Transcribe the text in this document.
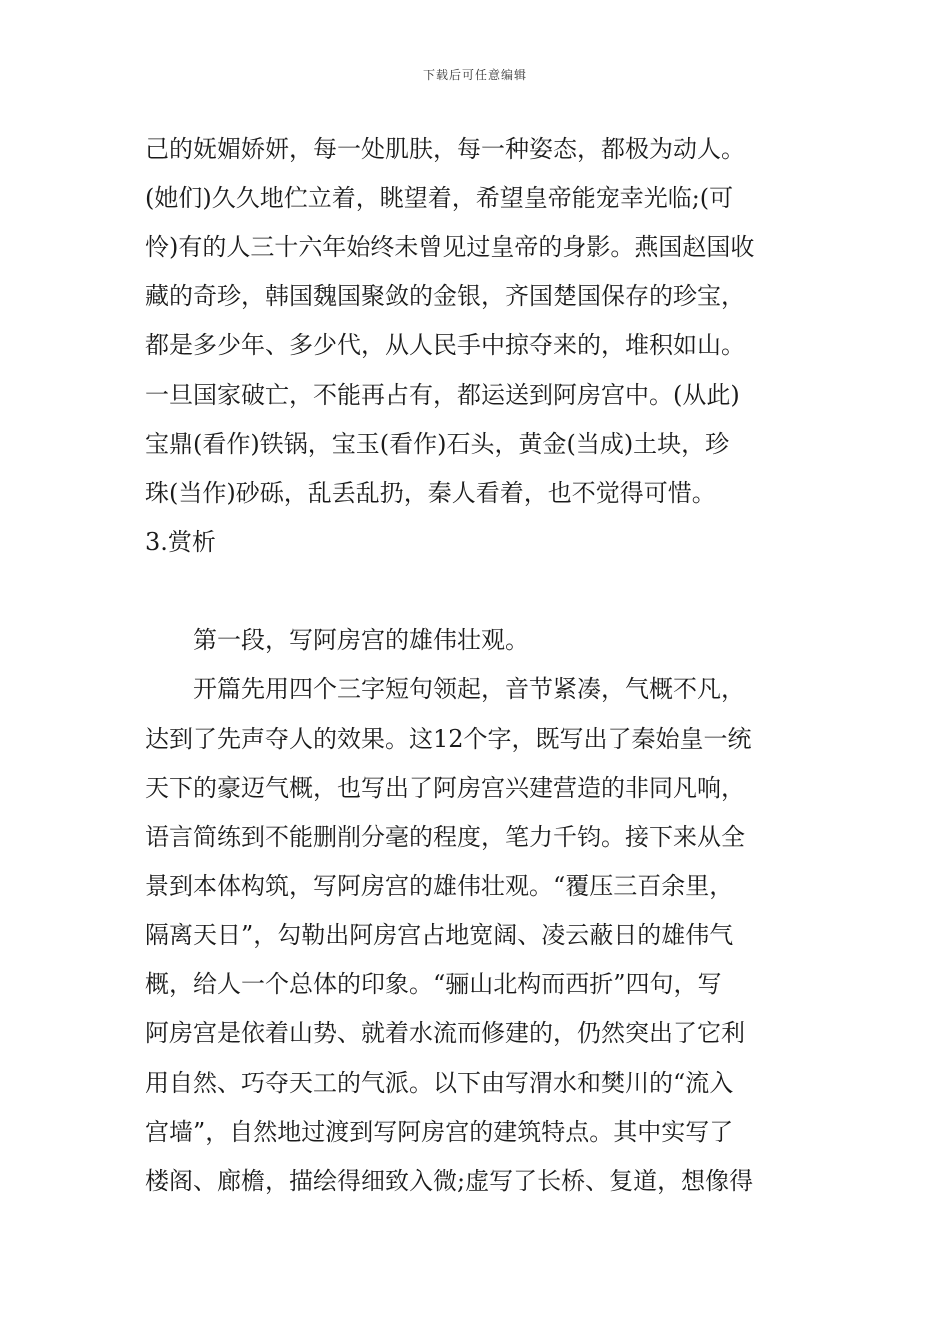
下载后可任意编辑
己的妩媚娇妍，每一处肌肤，每一种姿态，都极为动人。
(她们)久久地伫立着，眺望着，希望皇帝能宠幸光临;(可
怜)有的人三十六年始终未曾见过皇帝的身影。燕国赵国收
藏的奇珍，韩国魏国聚敛的金银，齐国楚国保存的珍宝，
都是多少年、多少代，从人民手中掠夺来的，堆积如山。
一旦国家破亡，不能再占有，都运送到阿房宫中。(从此)
宝鼎(看作)铁锅，宝玉(看作)石头，黄金(当成)土块，珍
珠(当作)砂砾，乱丢乱扔，秦人看着，也不觉得可惜。
3.赏析
第一段，写阿房宫的雄伟壮观。
开篇先用四个三字短句领起，音节紧凑，气概不凡，
达到了先声夺人的效果。这12个字，既写出了秦始皇一统
天下的豪迈气概，也写出了阿房宫兴建营造的非同凡响，
语言简练到不能删削分毫的程度，笔力千钧。接下来从全
景到本体构筑，写阿房宫的雄伟壮观。“覆压三百余里，
隔离天日”，勾勒出阿房宫占地宽阔、凌云蔽日的雄伟气
概，给人一个总体的印象。“骊山北构而西折”四句，写
阿房宫是依着山势、就着水流而修建的，仍然突出了它利
用自然、巧夺天工的气派。以下由写渭水和樊川的“流入
宫墙”，自然地过渡到写阿房宫的建筑特点。其中实写了
楼阁、廊檐，描绘得细致入微;虚写了长桥、复道，想像得
